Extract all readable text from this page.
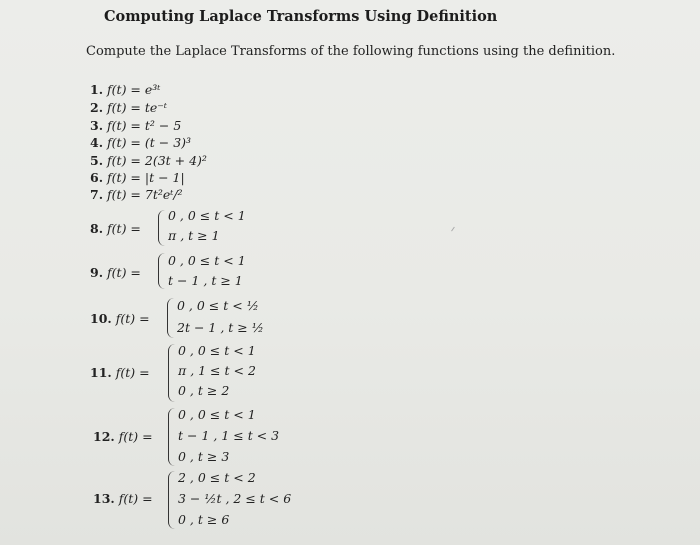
Computing Laplace Transforms Using Definition
Compute the Laplace Transforms of the following functions using the definition.
1. f(t) = e³ᵗ
2. f(t) = te⁻ᵗ
3. f(t) = t² − 5
4. f(t) = (t − 3)³
5. f(t) = 2(3t + 4)²
6. f(t) = |t − 1|
7. f(t) = 7t²eᵗ/²
8. f(t) =
0 , 0 ≤ t < 1
π , t ≥ 1
9. f(t) =
0 , 0 ≤ t < 1
t − 1 , t ≥ 1
10. f(t) =
0 , 0 ≤ t < ½
2t − 1 , t ≥ ½
11. f(t) =
0 , 0 ≤ t < 1
π , 1 ≤ t < 2
0 , t ≥ 2
12. f(t) =
0 , 0 ≤ t < 1
t − 1 , 1 ≤ t < 3
0 , t ≥ 3
13. f(t) =
2 , 0 ≤ t < 2
3 − ½t , 2 ≤ t < 6
0 , t ≥ 6
